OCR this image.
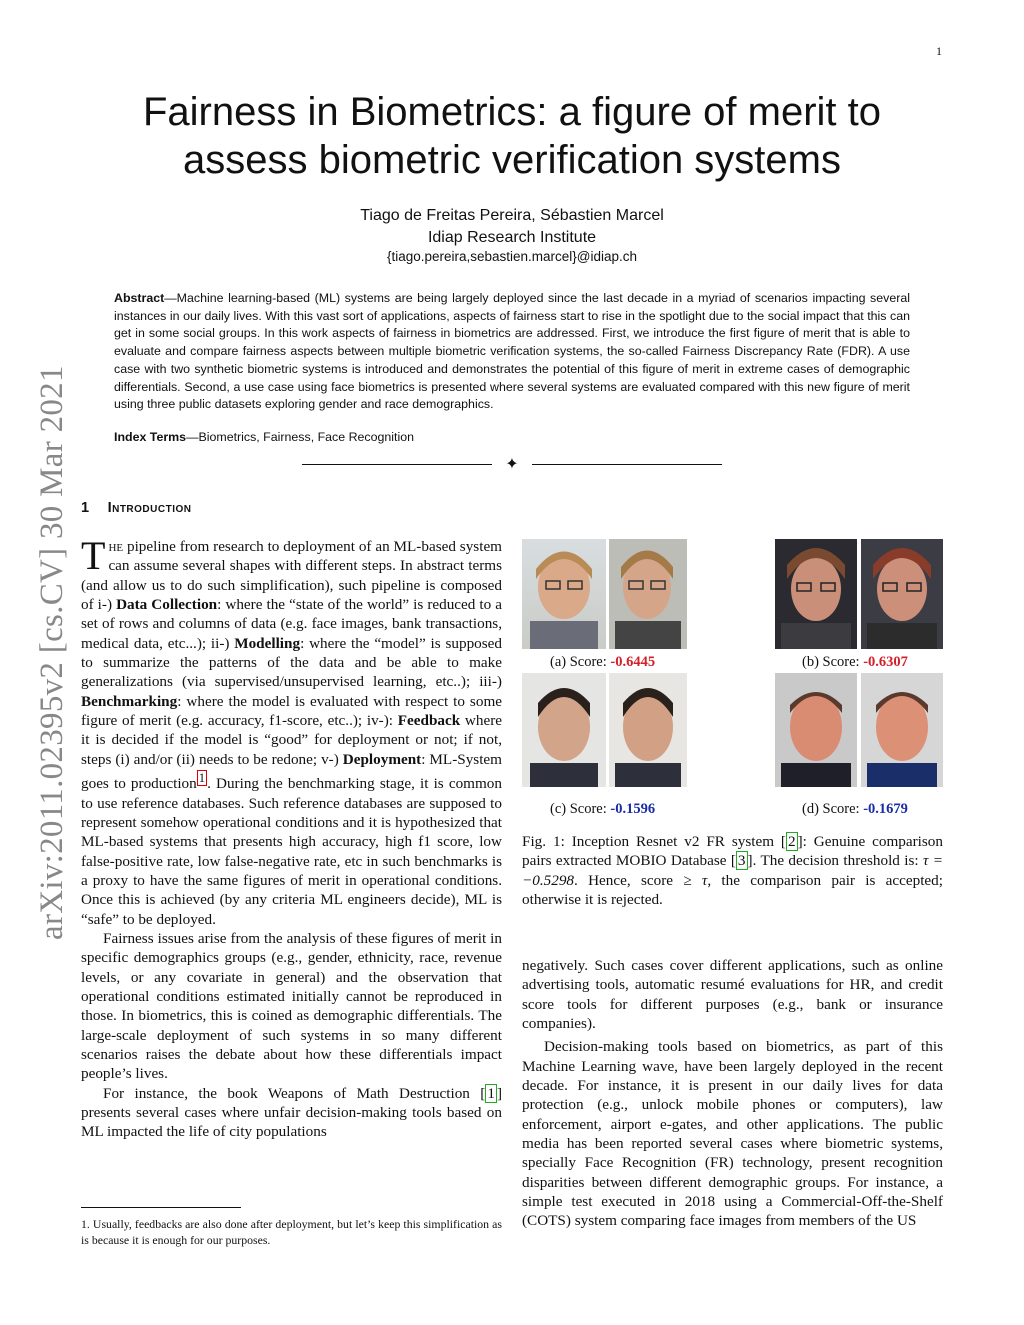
1
arXiv:2011.02395v2 [cs.CV] 30 Mar 2021
Fairness in Biometrics: a figure of merit to
assess biometric verification systems
Tiago de Freitas Pereira, Sébastien Marcel
Idiap Research Institute
{tiago.pereira,sebastien.marcel}@idiap.ch
Abstract—Machine learning-based (ML) systems are being largely deployed since the last decade in a myriad of scenarios impacting several instances in our daily lives. With this vast sort of applications, aspects of fairness start to rise in the spotlight due to the social impact that this can get in some social groups. In this work aspects of fairness in biometrics are addressed. First, we introduce the first figure of merit that is able to evaluate and compare fairness aspects between multiple biometric verification systems, the so-called Fairness Discrepancy Rate (FDR). A use case with two synthetic biometric systems is introduced and demonstrates the potential of this figure of merit in extreme cases of demographic differentials. Second, a use case using face biometrics is presented where several systems are evaluated compared with this new figure of merit using three public datasets exploring gender and race demographics.
Index Terms—Biometrics, Fairness, Face Recognition
✦
1 Introduction

The pipeline from research to deployment of an ML-based system can assume several shapes with different steps. In abstract terms (and allow us to do such simplification), such pipeline is composed of i-) Data Collection: where the “state of the world” is reduced to a set of rows and columns of data (e.g. face images, bank transactions, medical data, etc...); ii-) Modelling: where the “model” is supposed to summarize the patterns of the data and be able to make generalizations (via supervised/unsupervised learning, etc..); iii-) Benchmarking: where the model is evaluated with respect to some figure of merit (e.g. accuracy, f1-score, etc..); iv-): Feedback where it is decided if the model is “good” for deployment or not; if not, steps (i) and/or (ii) needs to be redone; v-) Deployment: ML-System goes to production $^1$ . During the benchmarking stage, it is common to use reference databases. Such reference databases are supposed to represent somehow operational conditions and it is hypothesized that ML-based systems that presents high accuracy, high f1 score, low false-positive rate, low false-negative rate, etc in such benchmarks is a proxy to have the same figures of merit in operational conditions. Once this is achieved (by any criteria ML engineers decide), ML is “safe” to be deployed.

Fairness issues arise from the analysis of these figures of merit in specific demographics groups (e.g., gender, ethnicity, race, revenue levels, or any covariate in general) and the observation that operational conditions estimated initially cannot be reproduced in those. In biometrics, this is coined as demographic differentials. The large-scale deployment of such systems in so many different scenarios raises the debate about how these differentials impact people’s lives.

For instance, the book Weapons of Math Destruction [ 1 ] presents several cases where unfair decision-making tools based on ML impacted the life of city populations

1. Usually, feedbacks are also done after deployment, but let’s keep this simplification as is because it is enough for our purposes.
(a) Score: -0.6445	(b) Score: -0.6307
(c) Score: -0.1596	(d) Score: -0.1679
Fig. 1: Inception Resnet v2 FR system [ 2 ]: Genuine comparison pairs extracted MOBIO Database [ 3 ]. The decision threshold is: τ = −0.5298. Hence, score ≥ τ, the comparison pair is accepted; otherwise it is rejected.

negatively. Such cases cover different applications, such as online advertising tools, automatic resumé evaluations for HR, and credit score tools for different purposes (e.g., bank or insurance companies).

Decision-making tools based on biometrics, as part of this Machine Learning wave, have been largely deployed in the recent decade. For instance, it is present in our daily lives for data protection (e.g., unlock mobile phones or computers), law enforcement, airport e-gates, and other applications. The public media has been reported several cases where biometric systems, specially Face Recognition (FR) technology, present recognition disparities between different demographic groups. For instance, a simple test executed in 2018 using a Commercial-Off-the-Shelf (COTS) system comparing face images from members of the US
